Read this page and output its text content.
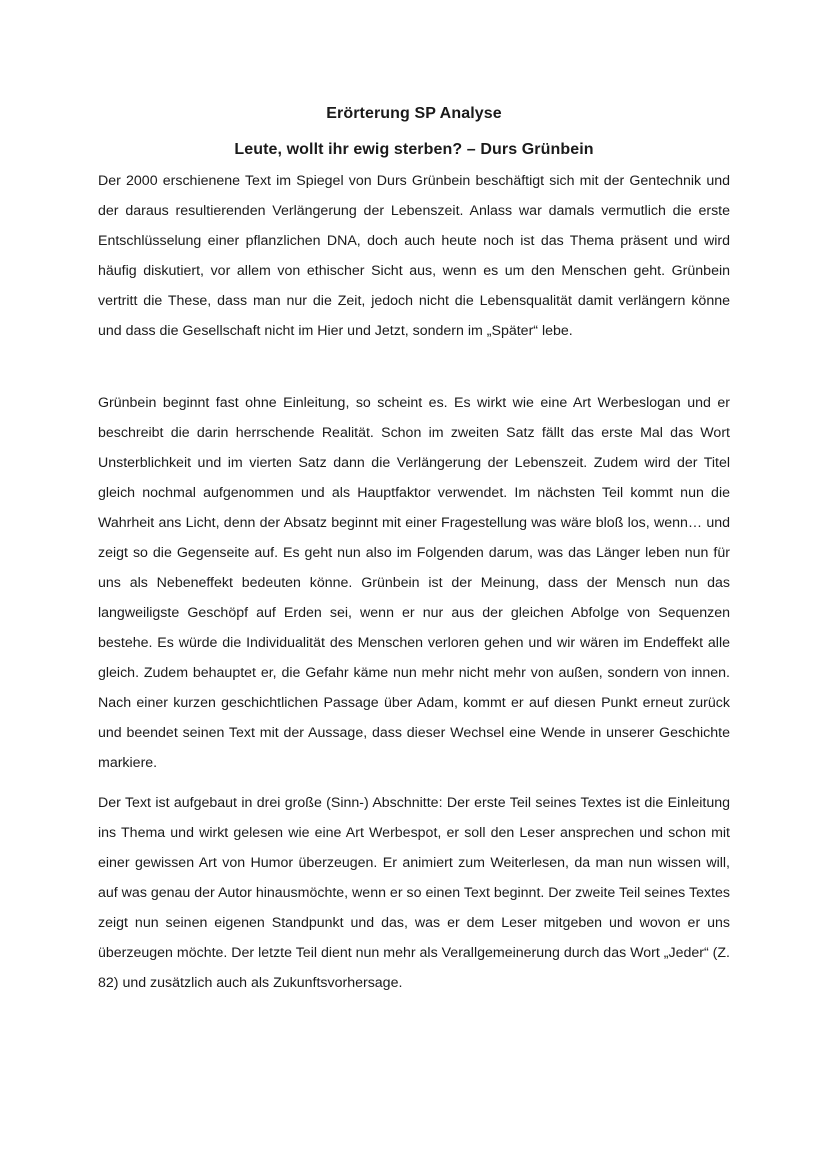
Erörterung SP Analyse
Leute, wollt ihr ewig sterben? – Durs Grünbein

Der 2000 erschienene Text im Spiegel von Durs Grünbein beschäftigt sich mit der Gentechnik und der daraus resultierenden Verlängerung der Lebenszeit. Anlass war damals vermutlich die erste Entschlüsselung einer pflanzlichen DNA, doch auch heute noch ist das Thema präsent und wird häufig diskutiert, vor allem von ethischer Sicht aus, wenn es um den Menschen geht. Grünbein vertritt die These, dass man nur die Zeit, jedoch nicht die Lebensqualität damit verlängern könne und dass die Gesellschaft nicht im Hier und Jetzt, sondern im „Später“ lebe.

Grünbein beginnt fast ohne Einleitung, so scheint es. Es wirkt wie eine Art Werbeslogan und er beschreibt die darin herrschende Realität. Schon im zweiten Satz fällt das erste Mal das Wort Unsterblichkeit und im vierten Satz dann die Verlängerung der Lebenszeit. Zudem wird der Titel gleich nochmal aufgenommen und als Hauptfaktor verwendet. Im nächsten Teil kommt nun die Wahrheit ans Licht, denn der Absatz beginnt mit einer Fragestellung was wäre bloß los, wenn… und zeigt so die Gegenseite auf. Es geht nun also im Folgenden darum, was das Länger leben nun für uns als Nebeneffekt bedeuten könne. Grünbein ist der Meinung, dass der Mensch nun das langweiligste Geschöpf auf Erden sei, wenn er nur aus der gleichen Abfolge von Sequenzen bestehe. Es würde die Individualität des Menschen verloren gehen und wir wären im Endeffekt alle gleich. Zudem behauptet er, die Gefahr käme nun mehr nicht mehr von außen, sondern von innen. Nach einer kurzen geschichtlichen Passage über Adam, kommt er auf diesen Punkt erneut zurück und beendet seinen Text mit der Aussage, dass dieser Wechsel eine Wende in unserer Geschichte markiere.

Der Text ist aufgebaut in drei große (Sinn-) Abschnitte: Der erste Teil seines Textes ist die Einleitung ins Thema und wirkt gelesen wie eine Art Werbespot, er soll den Leser ansprechen und schon mit einer gewissen Art von Humor überzeugen. Er animiert zum Weiterlesen, da man nun wissen will, auf was genau der Autor hinausmöchte, wenn er so einen Text beginnt. Der zweite Teil seines Textes zeigt nun seinen eigenen Standpunkt und das, was er dem Leser mitgeben und wovon er uns überzeugen möchte. Der letzte Teil dient nun mehr als Verallgemeinerung durch das Wort „Jeder“ (Z. 82) und zusätzlich auch als Zukunftsvorhersage.
